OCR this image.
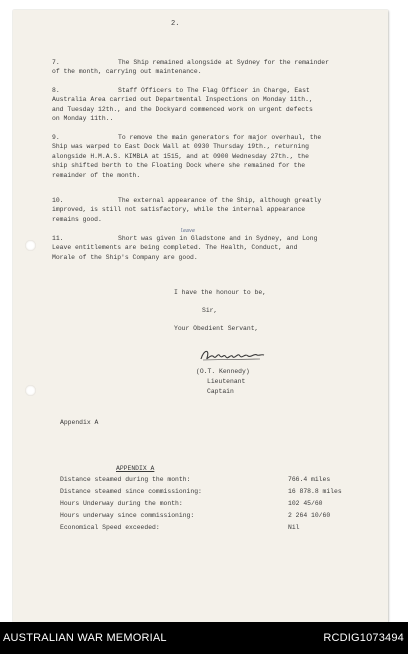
2.
7.	The Ship remained alongside at Sydney for the remainder
of the month, carrying out maintenance.
8.	Staff Officers to The Flag Officer in Charge, East
Australia Area carried out Departmental Inspections on Monday 11th.,
and Tuesday 12th., and the Dockyard commenced work on urgent defects
on Monday 11th..
9.	To remove the main generators for major overhaul, the
Ship was warped to East Dock Wall at 0930 Thursday 19th., returning
alongside H.M.A.S. KIMBLA at 1515, and at 0900 Wednesday 27th., the
ship shifted berth to the Floating Dock where she remained for the
remainder of the month.
10.	The external appearance of the Ship, although greatly
improved, is still not satisfactory, while the internal appearance
remains good.
leave
11.	Short was given in Gladstone and in Sydney, and Long
Leave entitlements are being completed. The Health, Conduct, and
Morale of the Ship's Company are good.
I have the honour to be,
Sir,
Your Obedient Servant,
(O.T. Kennedy)
Lieutenant
Captain
Appendix A
APPENDIX A
Distance steamed during the month:	766.4 miles
Distance steamed since commissioning:	16 878.8 miles
Hours Underway during the month:	102 45/60
Hours underway since commissioning:	2 264 10/60
Economical Speed exceeded:	Nil
AUSTRALIAN WAR MEMORIAL	RCDIG1073494
